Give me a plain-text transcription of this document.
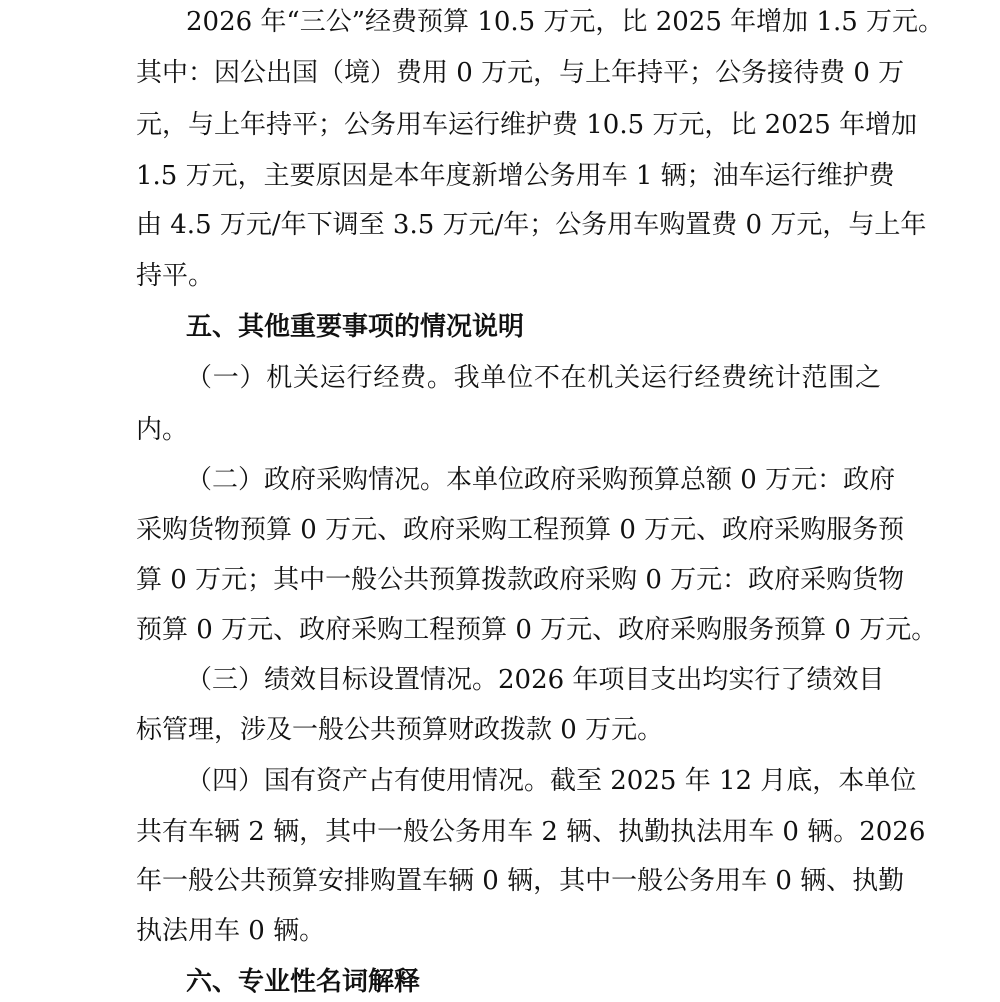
2026 年“三公”经费预算 10.5 万元，比 2025 年增加 1.5 万元。
其中：因公出国（境）费用 0 万元，与上年持平；公务接待费 0 万
元，与上年持平；公务用车运行维护费 10.5 万元，比 2025 年增加
1.5 万元，主要原因是本年度新增公务用车 1 辆；油车运行维护费
由 4.5 万元/年下调至 3.5 万元/年；公务用车购置费 0 万元，与上年
持平。
五、其他重要事项的情况说明
（一）机关运行经费。我单位不在机关运行经费统计范围之
内。
（二）政府采购情况。本单位政府采购预算总额 0 万元：政府
采购货物预算 0 万元、政府采购工程预算 0 万元、政府采购服务预
算 0 万元；其中一般公共预算拨款政府采购 0 万元：政府采购货物
预算 0 万元、政府采购工程预算 0 万元、政府采购服务预算 0 万元。
（三）绩效目标设置情况。2026 年项目支出均实行了绩效目
标管理，涉及一般公共预算财政拨款 0 万元。
（四）国有资产占有使用情况。截至 2025 年 12 月底，本单位
共有车辆 2 辆，其中一般公务用车 2 辆、执勤执法用车 0 辆。2026
年一般公共预算安排购置车辆 0 辆，其中一般公务用车 0 辆、执勤
执法用车 0 辆。
六、专业性名词解释
